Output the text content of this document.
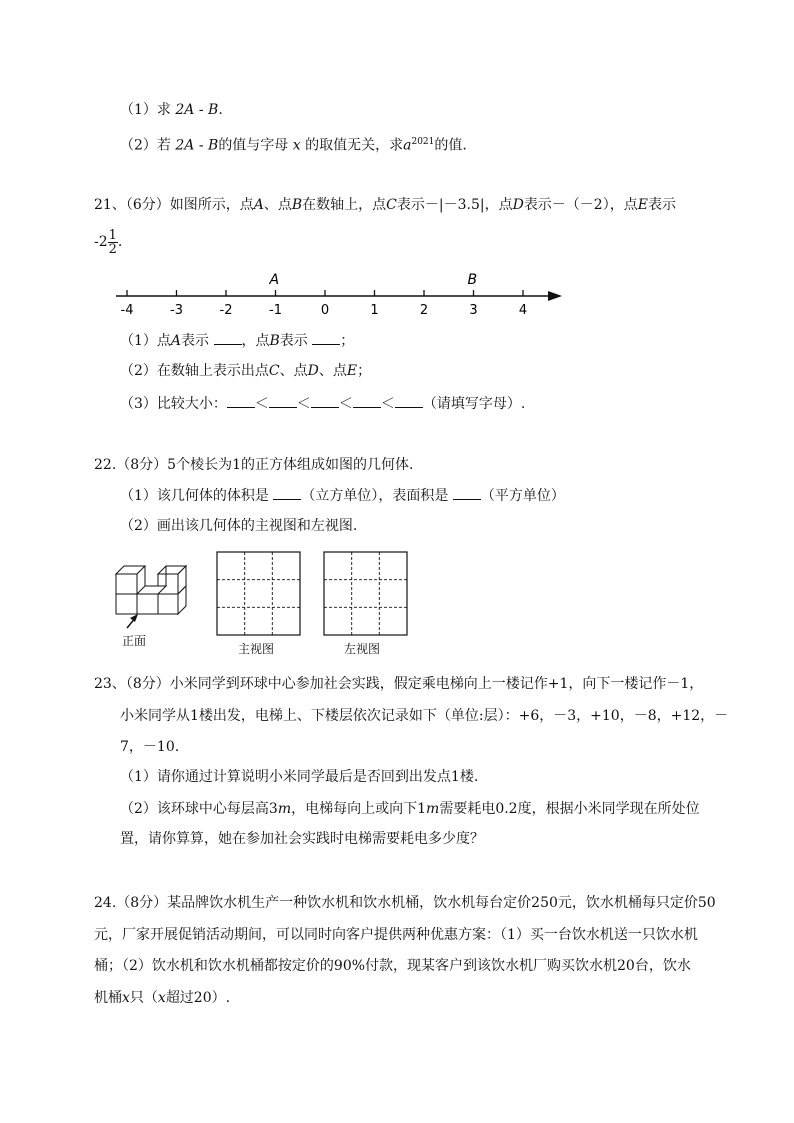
（1）求 2A - B.
（2）若 2A - B的值与字母 x 的取值无关，求$a^{2021}$的值.
21、（6分）如图所示，点A、点B在数轴上，点C表示－|－3.5|，点D表示－（－2），点E表示
$-2 \frac{1}{2}$ .
-4	-3	-2	-1	0	1	2	3	4
A	B
（1）点A表示 ，点B表示 ；
（2）在数轴上表示出点C、点D、点E；
（3）比较大小： ＜ ＜ ＜ ＜ （请填写字母）.
22.（8分）5个棱长为1的正方体组成如图的几何体.
（1）该几何体的体积是 （立方单位），表面积是 （平方单位）
（2）画出该几何体的主视图和左视图.
正面
主视图	左视图
23、（8分）小米同学到环球中心参加社会实践，假定乘电梯向上一楼记作+1，向下一楼记作－1，
小米同学从1楼出发，电梯上、下楼层依次记录如下（单位:层）：+6，－3，+10，－8，+12，－
7，－10.
（1）请你通过计算说明小米同学最后是否回到出发点1楼.
（2）该环球中心每层高3m，电梯每向上或向下1m需要耗电0.2度，根据小米同学现在所处位
置，请你算算，她在参加社会实践时电梯需要耗电多少度？
24.（8分）某品牌饮水机生产一种饮水机和饮水机桶，饮水机每台定价250元，饮水机桶每只定价50
元，厂家开展促销活动期间，可以同时向客户提供两种优惠方案：（1）买一台饮水机送一只饮水机
桶；（2）饮水机和饮水机桶都按定价的90%付款，现某客户到该饮水机厂购买饮水机20台，饮水
机桶x只（x超过20）.
